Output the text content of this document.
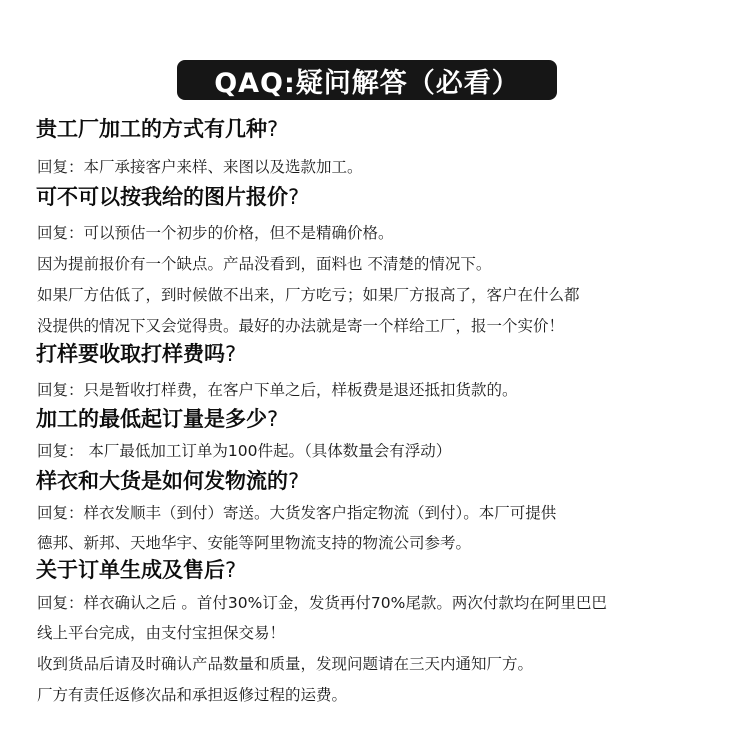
QAQ:疑问解答（必看）
贵工厂加工的方式有几种?
回复：本厂承接客户来样、来图以及选款加工。
可不可以按我给的图片报价?
回复：可以预估一个初步的价格，但不是精确价格。
因为提前报价有一个缺点。产品没看到，面料也 不清楚的情况下。
如果厂方估低了，到时候做不出来，厂方吃亏；如果厂方报高了，客户在什么都
没提供的情况下又会觉得贵。最好的办法就是寄一个样给工厂，报一个实价！
打样要收取打样费吗?
回复：只是暂收打样费，在客户下单之后，样板费是退还抵扣货款的。
加工的最低起订量是多少?
回复： 本厂最低加工订单为100件起。（具体数量会有浮动）
样衣和大货是如何发物流的?
回复：样衣发顺丰（到付）寄送。大货发客户指定物流（到付）。本厂可提供
德邦、新邦、天地华宇、安能等阿里物流支持的物流公司参考。
关于订单生成及售后?
回复：样衣确认之后 。首付30%订金，发货再付70%尾款。两次付款均在阿里巴巴
线上平台完成，由支付宝担保交易！
收到货品后请及时确认产品数量和质量，发现问题请在三天内通知厂方。
厂方有责任返修次品和承担返修过程的运费。
